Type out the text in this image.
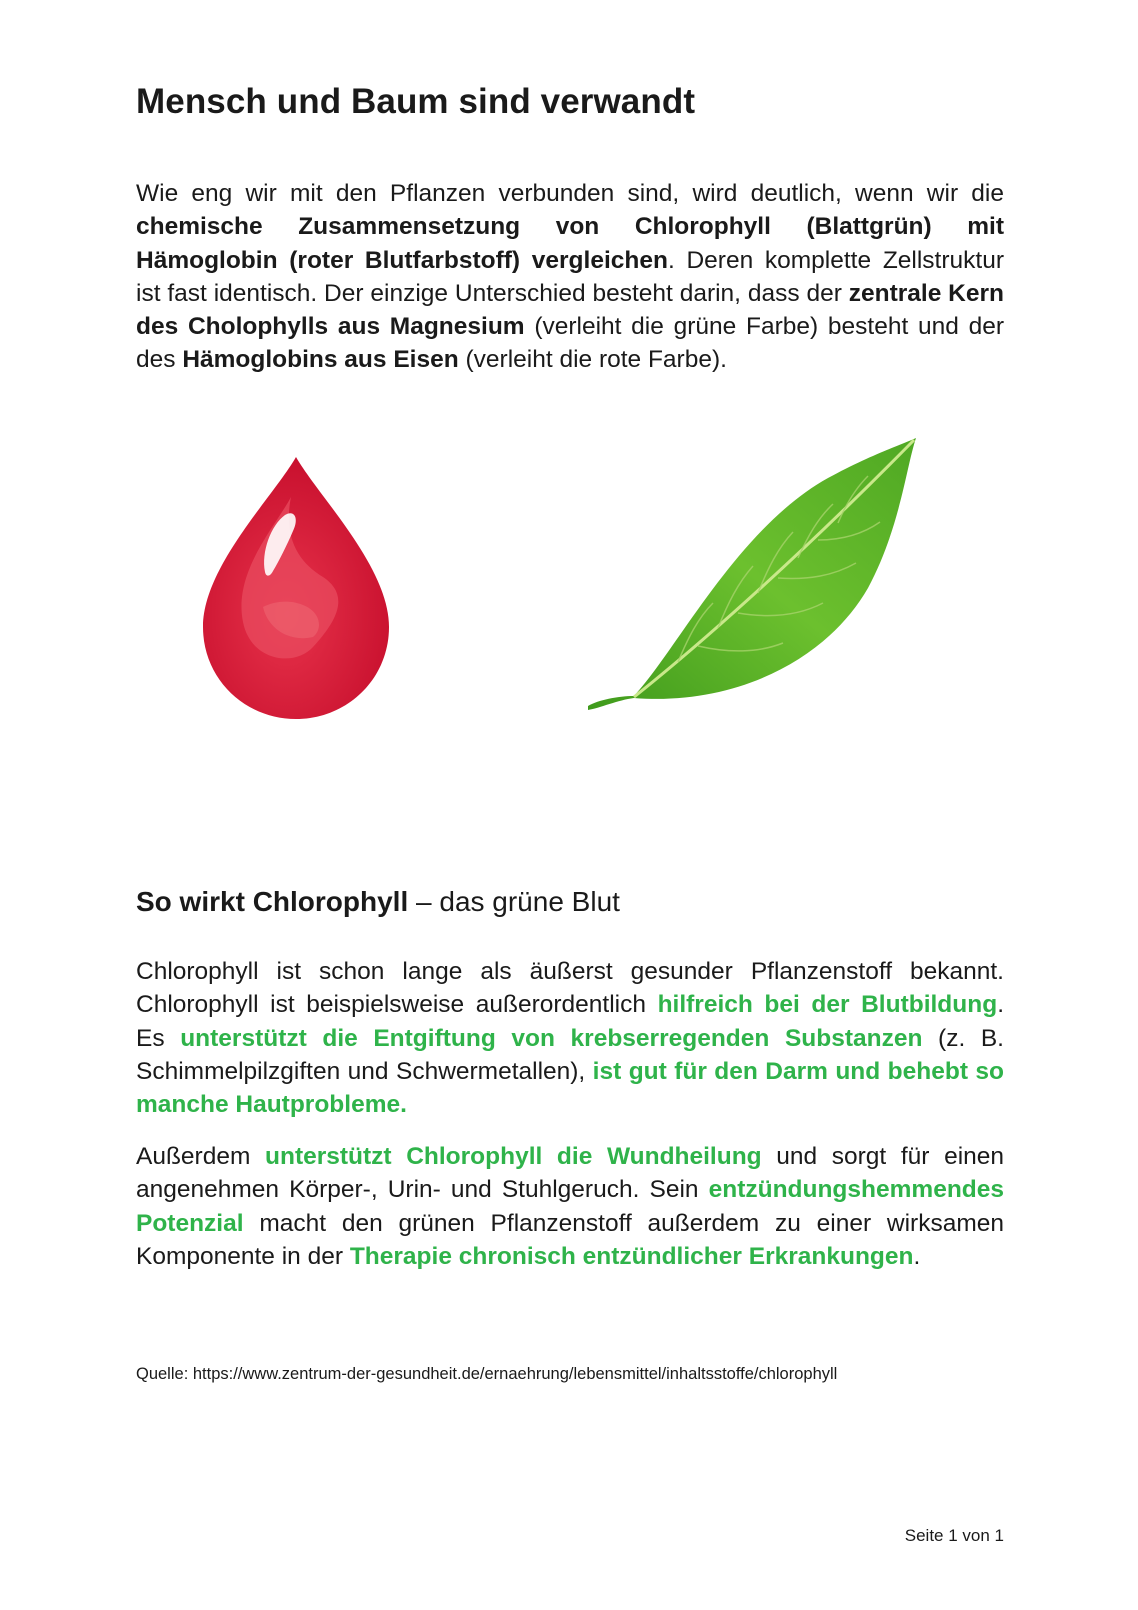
Mensch und Baum sind verwandt

Wie eng wir mit den Pflanzen verbunden sind, wird deutlich, wenn wir die chemische Zusammensetzung von Chlorophyll (Blattgrün) mit Hämoglobin (roter Blutfarbstoff) vergleichen. Deren komplette Zellstruktur ist fast identisch. Der einzige Unterschied besteht darin, dass der zentrale Kern des Cholophylls aus Magnesium (verleiht die grüne Farbe) besteht und der des Hämoglobins aus Eisen (verleiht die rote Farbe).

So wirkt Chlorophyll – das grüne Blut

Chlorophyll ist schon lange als äußerst gesunder Pflanzenstoff bekannt. Chlorophyll ist beispielsweise außerordentlich hilfreich bei der Blutbildung. Es unterstützt die Entgiftung von krebserregenden Substanzen (z. B. Schimmelpilzgiften und Schwermetallen), ist gut für den Darm und behebt so manche Hautprobleme.

Außerdem unterstützt Chlorophyll die Wundheilung und sorgt für einen angenehmen Körper-, Urin- und Stuhlgeruch. Sein entzündungshemmendes Potenzial macht den grünen Pflanzenstoff außerdem zu einer wirksamen Komponente in der Therapie chronisch entzündlicher Erkrankungen.

Quelle: https://www.zentrum-der-gesundheit.de/ernaehrung/lebensmittel/inhaltsstoffe/chlorophyll

Seite 1 von 1
